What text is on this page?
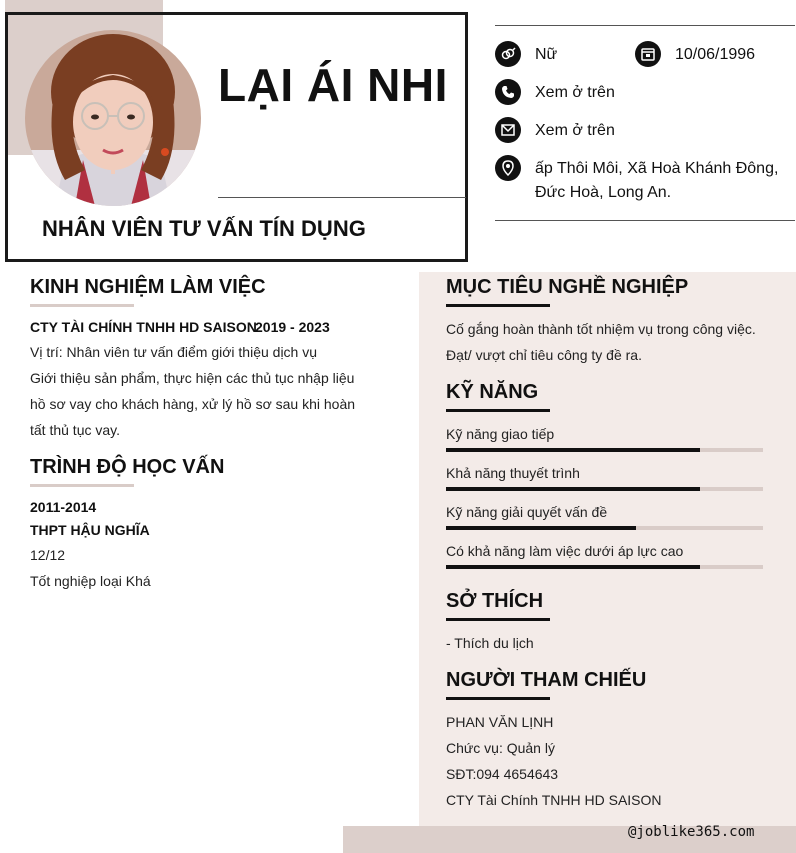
LẠI ÁI NHI
NHÂN VIÊN TƯ VẤN TÍN DỤNG
Nữ	10/06/1996
Xem ở trên
Xem ở trên
ấp Thôi Môi, Xã Hoà Khánh Đông,
Đức Hoà, Long An.
KINH NGHIỆM LÀM VIỆC
CTY TÀI CHÍNH TNHH HD SAISON
2019 - 2023
Vị trí: Nhân viên tư vấn điểm giới thiệu dịch vụ
Giới thiệu sản phẩm, thực hiện các thủ tục nhập liệu
hồ sơ vay cho khách hàng, xử lý hồ sơ sau khi hoàn
tất thủ tục vay.
TRÌNH ĐỘ HỌC VẤN
2011-2014
THPT HẬU NGHĨA
12/12
Tốt nghiệp loại Khá
MỤC TIÊU NGHỀ NGHIỆP
Cố gắng hoàn thành tốt nhiệm vụ trong công việc.
Đạt/ vượt chỉ tiêu công ty đề ra.
KỸ NĂNG
Kỹ năng giao tiếp
Khả năng thuyết trình
Kỹ năng giải quyết vấn đề
Có khả năng làm việc dưới áp lực cao
SỞ THÍCH
- Thích du lịch
NGƯỜI THAM CHIẾU
PHAN VĂN LỊNH
Chức vụ: Quản lý
SĐT:094 4654643
CTY Tài Chính TNHH HD SAISON
@joblike365.com
